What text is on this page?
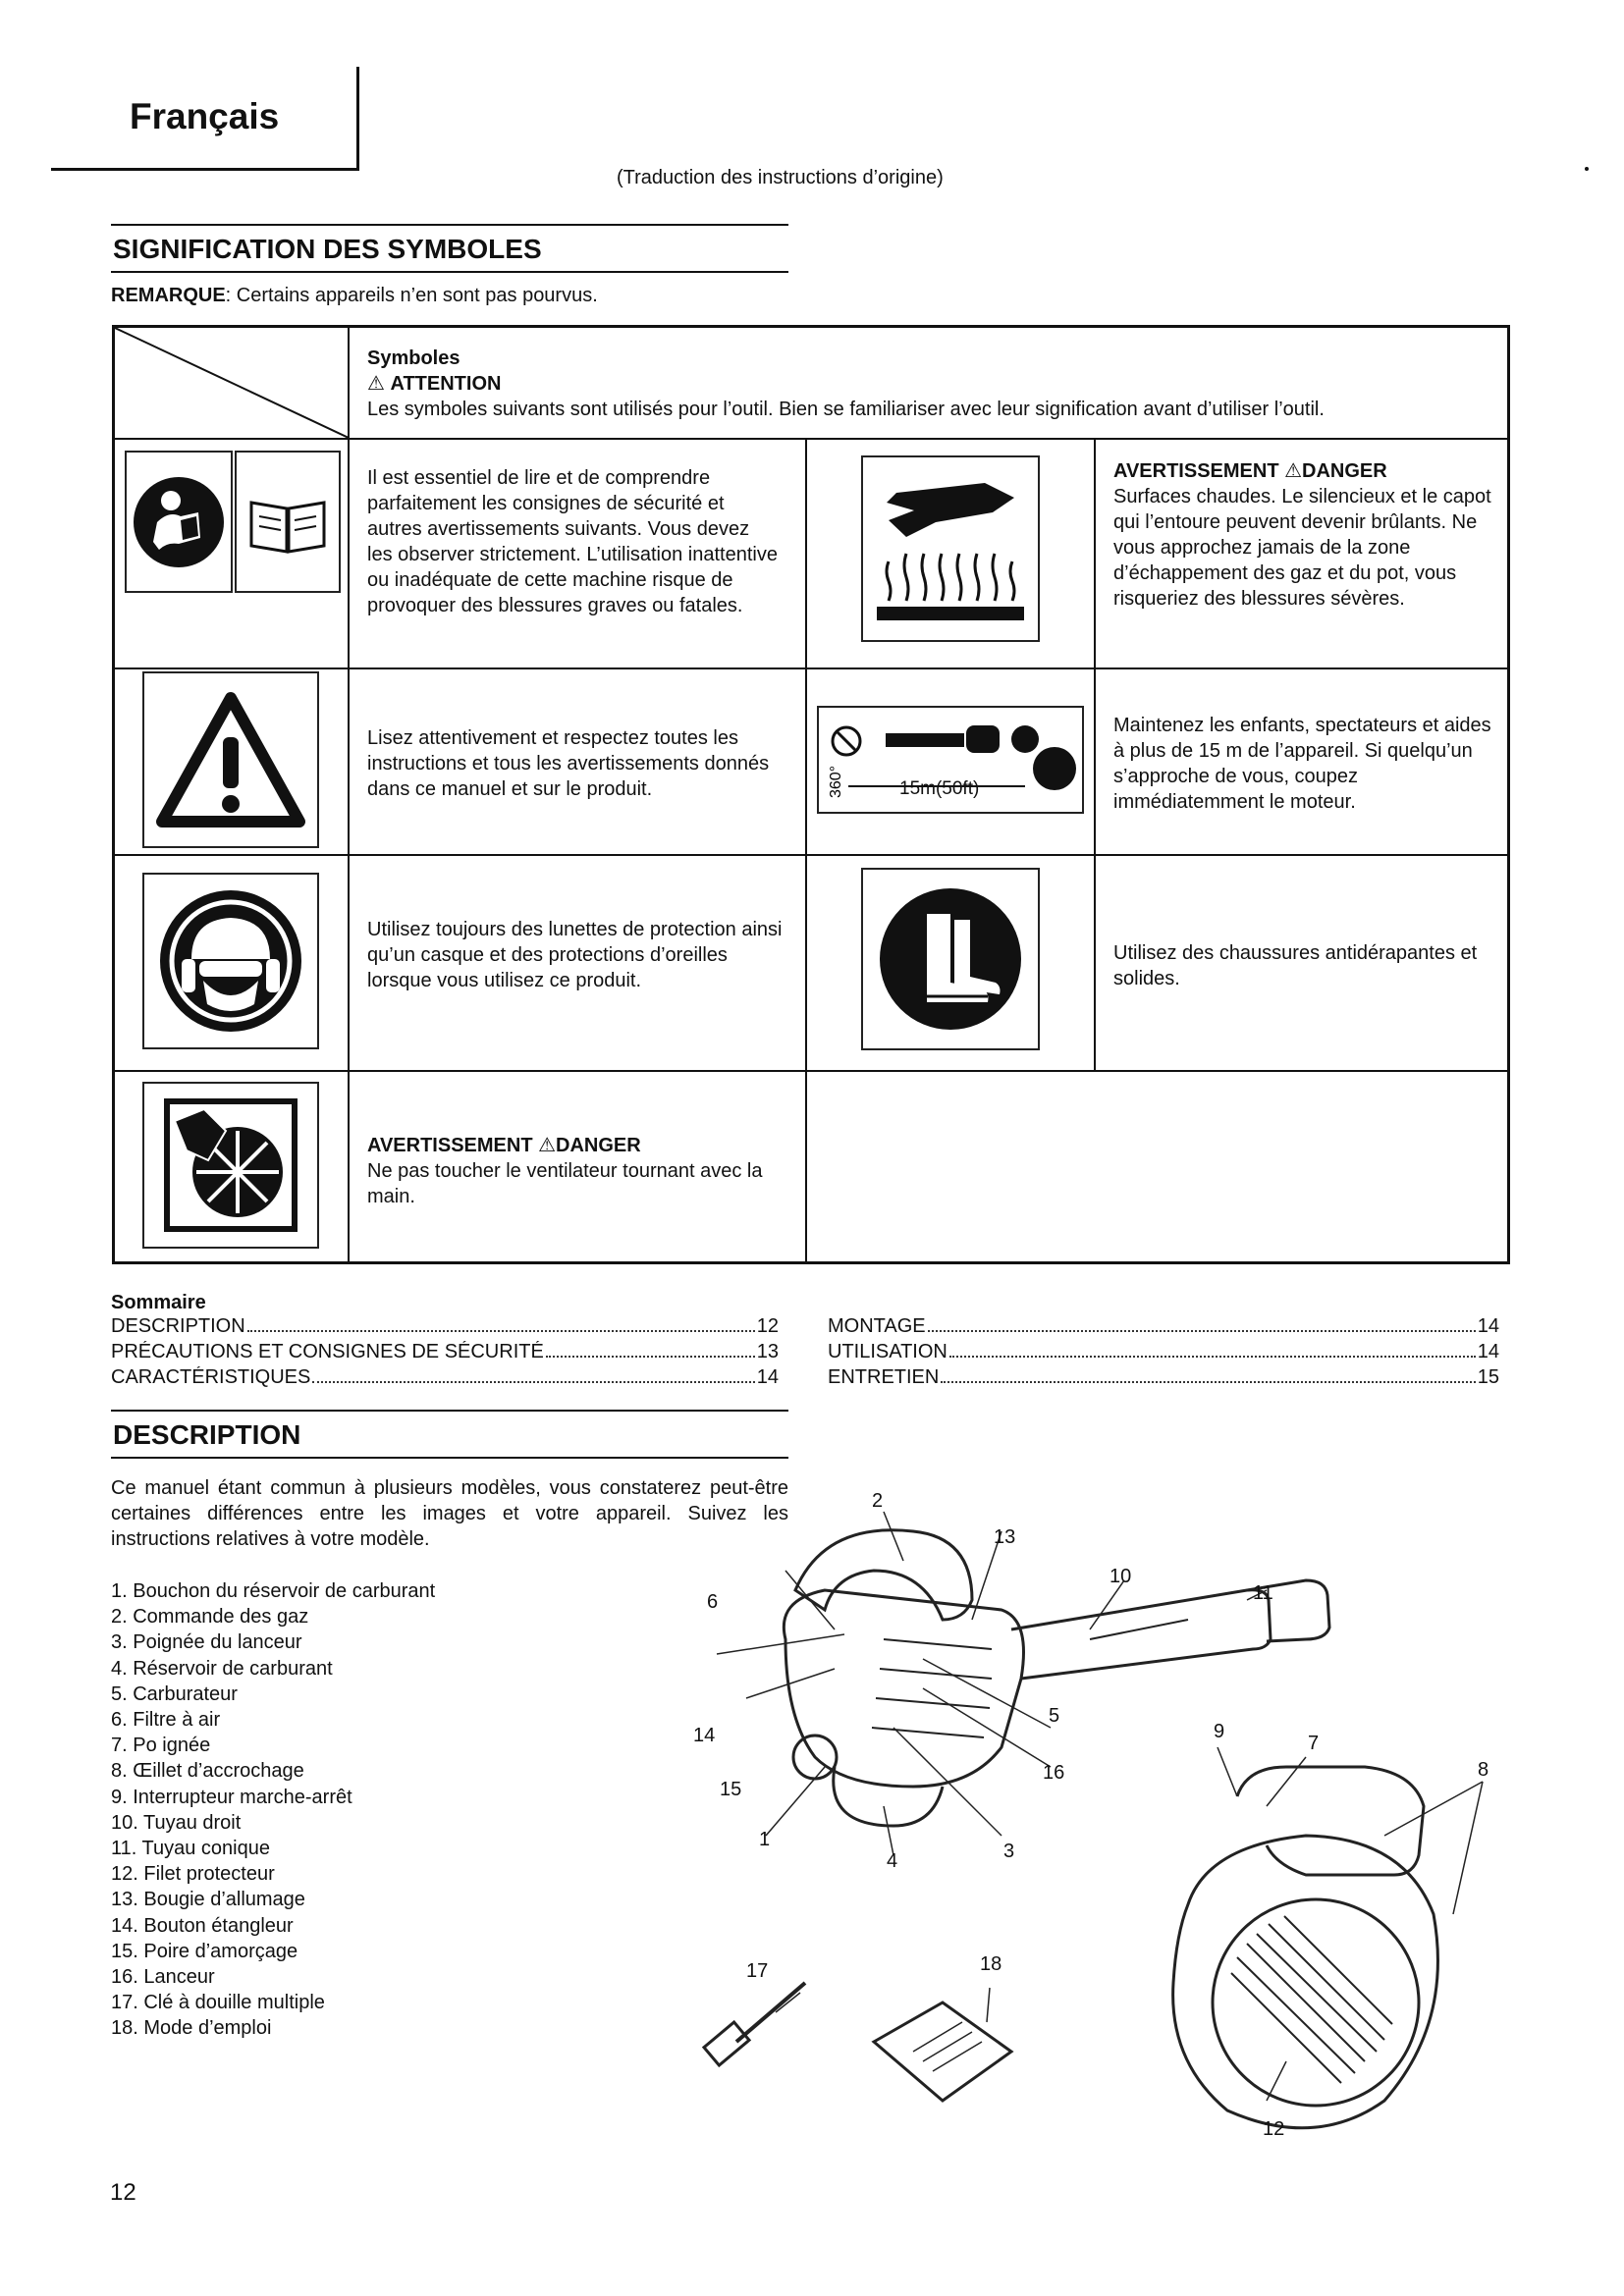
Français
(Traduction des instructions d’origine)
SIGNIFICATION DES SYMBOLES
REMARQUE: Certains appareils n’en sont pas pourvus.
Symboles
⚠ ATTENTION
Les symboles suivants sont utilisés pour l’outil. Bien se familiariser avec leur signification avant d’utiliser l’outil.
Il est essentiel de lire et de comprendre parfaitement les consignes de sécurité et autres avertissements suivants. Vous devez les observer strictement. L’utilisation inattentive ou inadéquate de cette machine risque de provoquer des blessures graves ou fatales.
AVERTISSEMENT ⚠DANGER
Surfaces chaudes. Le silencieux et le capot qui l’entoure peuvent devenir brûlants. Ne vous approchez jamais de la zone d’échappement des gaz et du pot, vous risqueriez des blessures sévères.
Lisez attentivement et respectez toutes les instructions et tous les avertissements donnés dans ce manuel et sur le produit.	360°	15m(50ft)
Maintenez les enfants, spectateurs et aides à plus de 15 m de l’appareil. Si quelqu’un s’approche de vous, coupez immédiatemment le moteur.
Utilisez toujours des lunettes de protection ainsi qu’un casque et des protections d’oreilles lorsque vous utilisez ce produit.
Utilisez des chaussures antidérapantes et solides.
AVERTISSEMENT ⚠DANGER
Ne pas toucher le ventilateur tournant avec la main.
Sommaire
DESCRIPTION	12
PRÉCAUTIONS ET CONSIGNES DE SÉCURITÉ	13
CARACTÉRISTIQUES	14
MONTAGE	14
UTILISATION	14
ENTRETIEN	15
DESCRIPTION
Ce manuel étant commun à plusieurs modèles, vous constaterez peut-être certaines différences entre les images et votre appareil. Suivez les instructions relatives à votre modèle.
1. Bouchon du réservoir de carburant
2. Commande des gaz
3. Poignée du lanceur
4. Réservoir de carburant
5. Carburateur
6. Filtre à air
7. Po ignée
8. Œillet d’accrochage
9. Interrupteur marche-arrêt
10. Tuyau droit
11. Tuyau conique
12. Filet protecteur
13. Bougie d’allumage
14. Bouton étangleur
15. Poire d’amorçage
16. Lanceur
17. Clé à douille multiple
18. Mode d’emploi
2
13
10
11
6
14
5
15
16
1
4	3
9
7
8
17	18
12
12
